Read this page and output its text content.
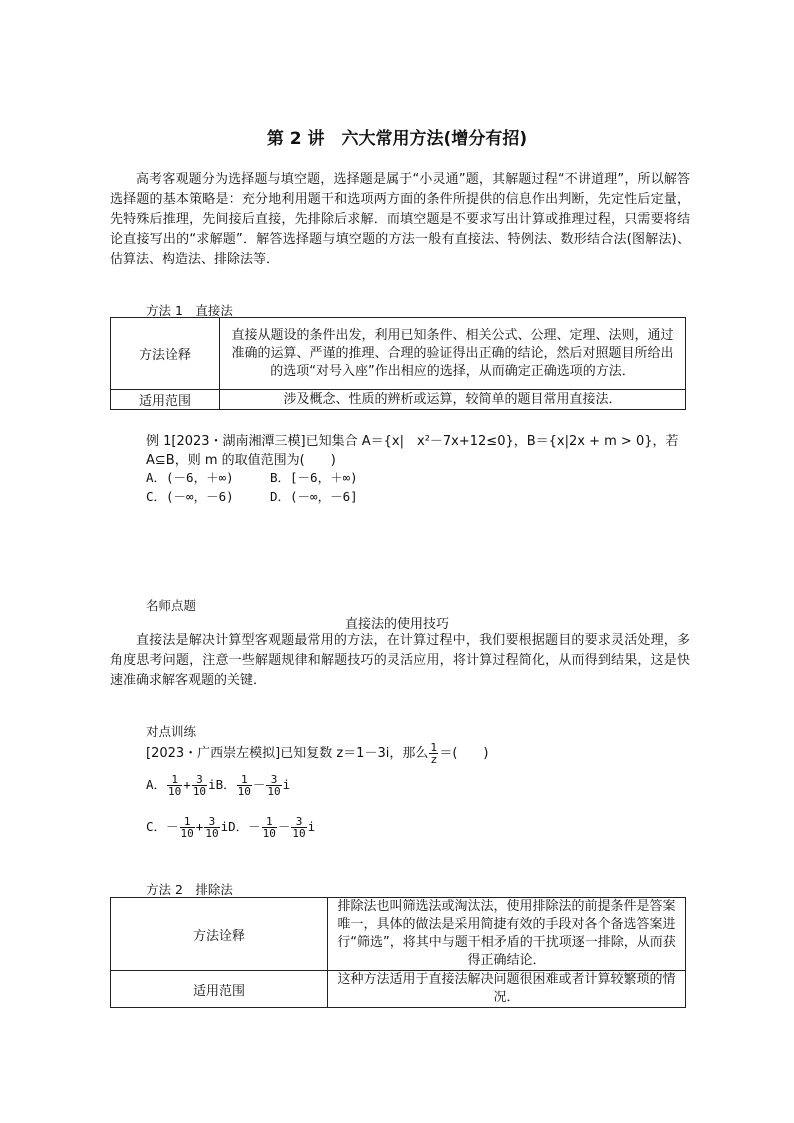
第 2 讲　六大常用方法(增分有招)
高考客观题分为选择题与填空题，选择题是属于“小灵通”题，其解题过程“不讲道理”，所以解答选择题的基本策略是：充分地利用题干和选项两方面的条件所提供的信息作出判断，先定性后定量，先特殊后推理，先间接后直接，先排除后求解．而填空题是不要求写出计算或推理过程，只需要将结论直接写出的“求解题”．解答选择题与填空题的方法一般有直接法、特例法、数形结合法(图解法)、估算法、构造法、排除法等．
方法 1　直接法
方法诠释	直接从题设的条件出发，利用已知条件、相关公式、公理、定理、法则，通过准确的运算、严谨的推理、合理的验证得出正确的结论，然后对照题目所给出的选项“对号入座”作出相应的选择，从而确定正确选项的方法．
适用范围	涉及概念、性质的辨析或运算，较简单的题目常用直接法．
例 1[2023・湖南湘潭三模]已知集合 A＝{x|　x²－7x+12≤0}，B＝{x|2x + m > 0}，若
A⊆B，则 m 的取值范围为(　　)
A．(－6，＋∞)	B．[－6，＋∞)
C．(－∞，－6)	D．(－∞，－6]
名师点题
直接法的使用技巧
直接法是解决计算型客观题最常用的方法，在计算过程中，我们要根据题目的要求灵活处理，多角度思考问题，注意一些解题规律和解题技巧的灵活应用，将计算过程简化，从而得到结果，这是快速准确求解客观题的关键．
对点训练
[2023・广西崇左模拟]已知复数 z＝1－3i，那么 $\frac{1}{z}$ ＝(　　)
A． $\frac{1}{10} + \frac{3}{10}$ iB． $\frac{1}{10} - \frac{3}{10}$ i
C．－ $\frac{1}{10} + \frac{3}{10}$ iD．－ $\frac{1}{10} - \frac{3}{10}$ i
方法 2　排除法
方法诠释	排除法也叫筛选法或淘汰法，使用排除法的前提条件是答案唯一，具体的做法是采用简捷有效的手段对各个备选答案进行“筛选”，将其中与题干相矛盾的干扰项逐一排除，从而获得正确结论．
适用范围	这种方法适用于直接法解决问题很困难或者计算较繁琐的情况．
